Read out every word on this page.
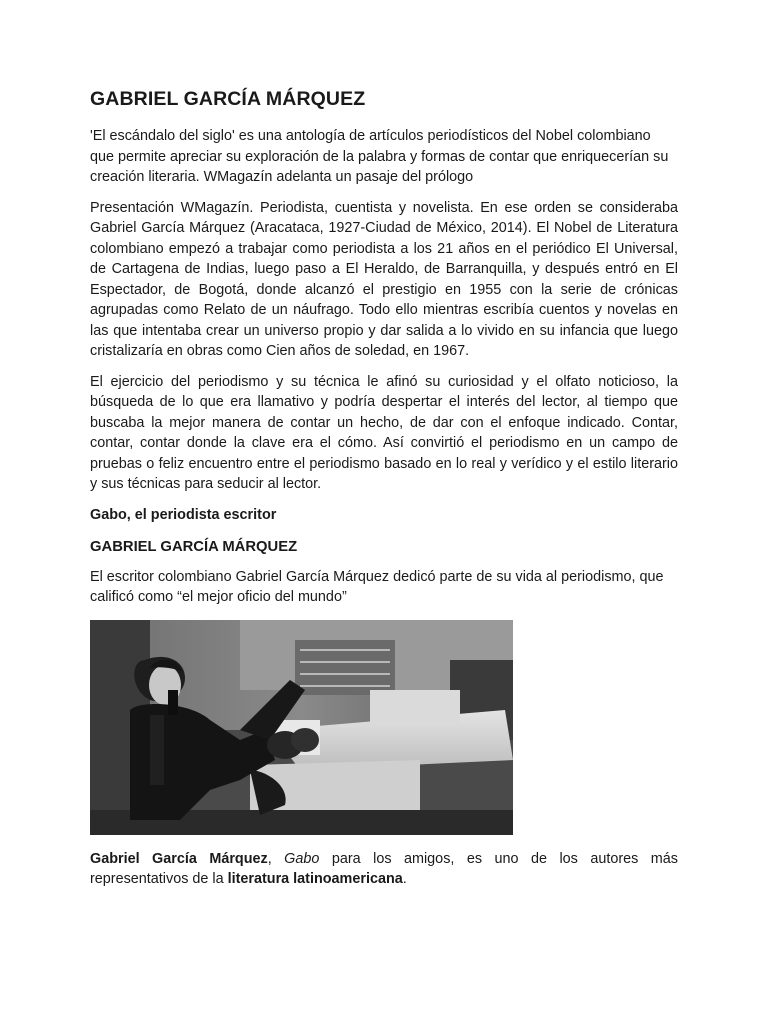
GABRIEL GARCÍA MÁRQUEZ

'El escándalo del siglo' es una antología de artículos periodísticos del Nobel colombiano que permite apreciar su exploración de la palabra y formas de contar que enriquecerían su creación literaria. WMagazín adelanta un pasaje del prólogo

Presentación WMagazín. Periodista, cuentista y novelista. En ese orden se consideraba Gabriel García Márquez (Aracataca, 1927-Ciudad de México, 2014). El Nobel de Literatura colombiano empezó a trabajar como periodista a los 21 años en el periódico El Universal, de Cartagena de Indias, luego paso a El Heraldo, de Barranquilla, y después entró en El Espectador, de Bogotá, donde alcanzó el prestigio en 1955 con la serie de crónicas agrupadas como Relato de un náufrago. Todo ello mientras escribía cuentos y novelas en las que intentaba crear un universo propio y dar salida a lo vivido en su infancia que luego cristalizaría en obras como Cien años de soledad, en 1967.

El ejercicio del periodismo y su técnica le afinó su curiosidad y el olfato noticioso, la búsqueda de lo que era llamativo y podría despertar el interés del lector, al tiempo que buscaba la mejor manera de contar un hecho, de dar con el enfoque indicado. Contar, contar, contar donde la clave era el cómo. Así convirtió el periodismo en un campo de pruebas o feliz encuentro entre el periodismo basado en lo real y verídico y el estilo literario y sus técnicas para seducir al lector.

Gabo, el periodista escritor
GABRIEL GARCÍA MÁRQUEZ

El escritor colombiano Gabriel García Márquez dedicó parte de su vida al periodismo, que calificó como “el mejor oficio del mundo”

Gabriel García Márquez, Gabo para los amigos, es uno de los autores más representativos de la literatura latinoamericana.
